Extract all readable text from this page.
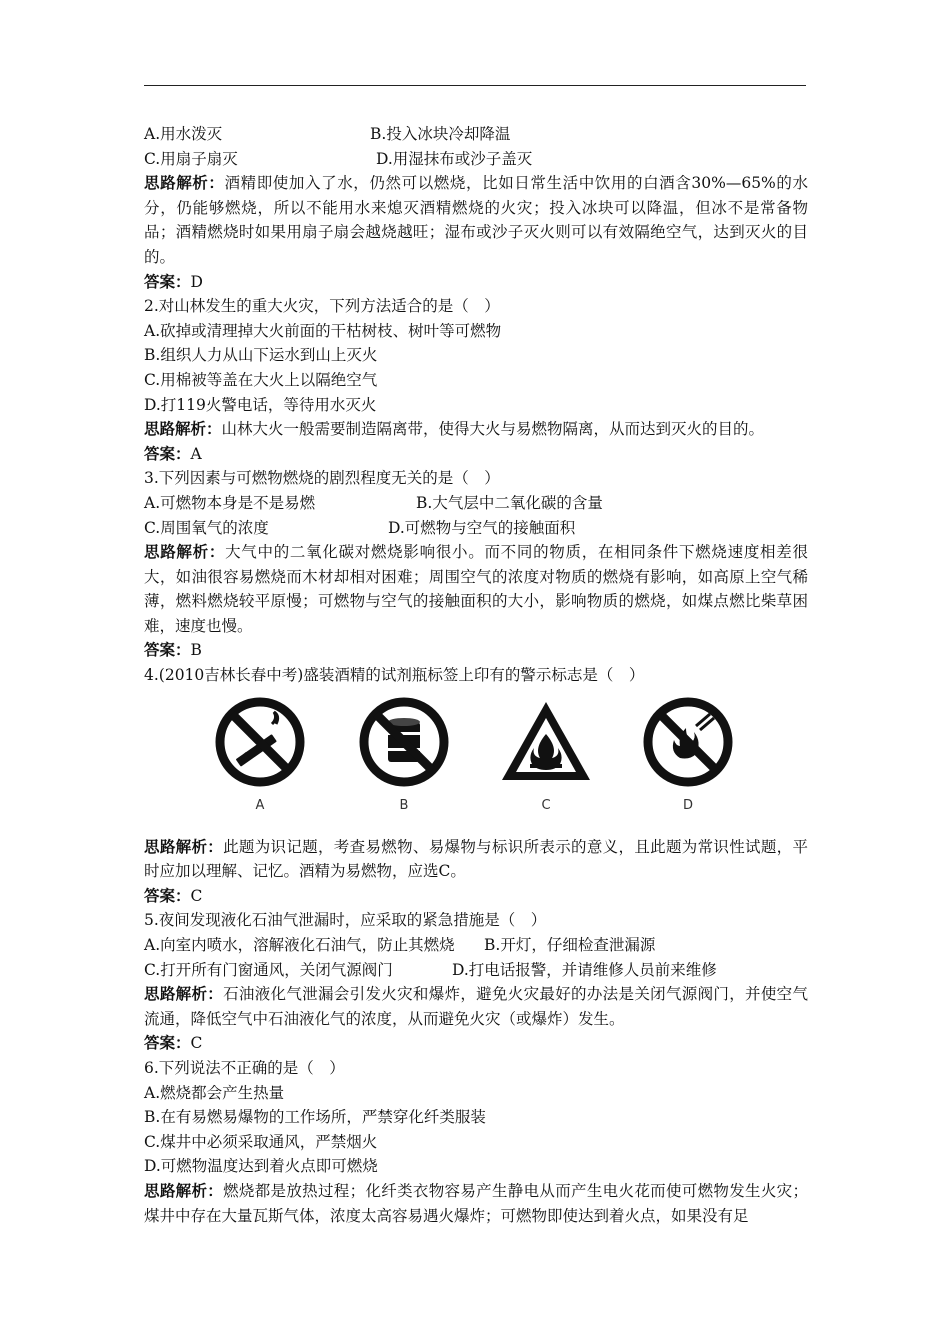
A.用水泼灭	B.投入冰块冷却降温
C.用扇子扇灭	D.用湿抹布或沙子盖灭
思路解析：酒精即使加入了水，仍然可以燃烧，比如日常生活中饮用的白酒含30%—65%的水分，仍能够燃烧，所以不能用水来熄灭酒精燃烧的火灾；投入冰块可以降温，但冰不是常备物品；酒精燃烧时如果用扇子扇会越烧越旺；湿布或沙子灭火则可以有效隔绝空气，达到灭火的目的。
答案：D
2.对山林发生的重大火灾，下列方法适合的是（　）
A.砍掉或清理掉大火前面的干枯树枝、树叶等可燃物
B.组织人力从山下运水到山上灭火
C.用棉被等盖在大火上以隔绝空气
D.打119火警电话，等待用水灭火
思路解析：山林大火一般需要制造隔离带，使得大火与易燃物隔离，从而达到灭火的目的。
答案：A
3.下列因素与可燃物燃烧的剧烈程度无关的是（　）
A.可燃物本身是不是易燃	B.大气层中二氧化碳的含量
C.周围氧气的浓度	D.可燃物与空气的接触面积
思路解析：大气中的二氧化碳对燃烧影响很小。而不同的物质，在相同条件下燃烧速度相差很大，如油很容易燃烧而木材却相对困难；周围空气的浓度对物质的燃烧有影响，如高原上空气稀薄，燃料燃烧较平原慢；可燃物与空气的接触面积的大小，影响物质的燃烧，如煤点燃比柴草困难，速度也慢。
答案：B
4.(2010吉林长春中考)盛装酒精的试剂瓶标签上印有的警示标志是（　）
A	B	C	D
思路解析：此题为识记题，考查易燃物、易爆物与标识所表示的意义，且此题为常识性试题，平时应加以理解、记忆。酒精为易燃物，应选C。
答案：C
5.夜间发现液化石油气泄漏时，应采取的紧急措施是（　）
A.向室内喷水，溶解液化石油气，防止其燃烧 B.开灯，仔细检查泄漏源
C.打开所有门窗通风，关闭气源阀门	D.打电话报警，并请维修人员前来维修
思路解析：石油液化气泄漏会引发火灾和爆炸，避免火灾最好的办法是关闭气源阀门，并使空气流通，降低空气中石油液化气的浓度，从而避免火灾（或爆炸）发生。
答案：C
6.下列说法不正确的是（　）
A.燃烧都会产生热量
B.在有易燃易爆物的工作场所，严禁穿化纤类服装
C.煤井中必须采取通风，严禁烟火
D.可燃物温度达到着火点即可燃烧
思路解析：燃烧都是放热过程；化纤类衣物容易产生静电从而产生电火花而使可燃物发生火灾；煤井中存在大量瓦斯气体，浓度太高容易遇火爆炸；可燃物即使达到着火点，如果没有足
